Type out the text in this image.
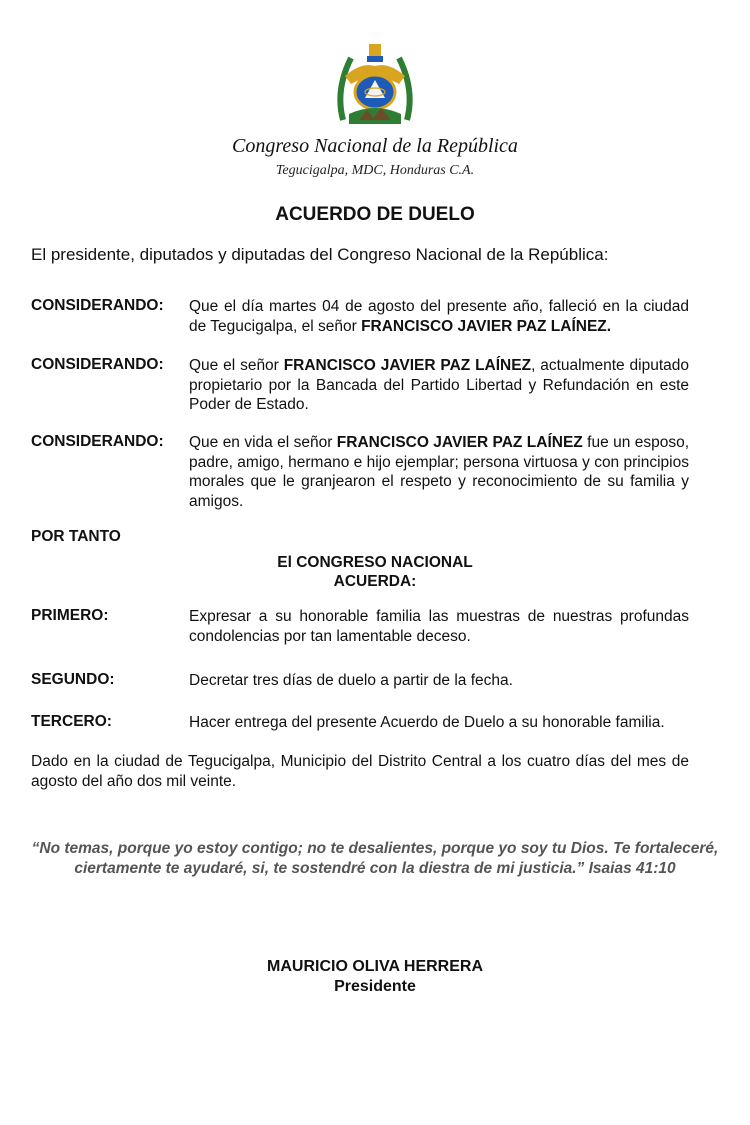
Congreso Nacional de la República
Tegucigalpa, MDC, Honduras C.A.
ACUERDO DE DUELO
El presidente, diputados y diputadas del Congreso Nacional de la República:
CONSIDERANDO: Que el día martes 04 de agosto del presente año, falleció en la ciudad de Tegucigalpa, el señor FRANCISCO JAVIER PAZ LAÍNEZ.
CONSIDERANDO: Que el señor FRANCISCO JAVIER PAZ LAÍNEZ, actualmente diputado propietario por la Bancada del Partido Libertad y Refundación en este Poder de Estado.
CONSIDERANDO: Que en vida el señor FRANCISCO JAVIER PAZ LAÍNEZ fue un esposo, padre, amigo, hermano e hijo ejemplar; persona virtuosa y con principios morales que le granjearon el respeto y reconocimiento de su familia y amigos.
POR TANTO
El CONGRESO NACIONAL
ACUERDA:
PRIMERO:	Expresar a su honorable familia las muestras de nuestras profundas condolencias por tan lamentable deceso.
SEGUNDO:	Decretar tres días de duelo a partir de la fecha.
TERCERO:	Hacer entrega del presente Acuerdo de Duelo a su honorable familia.
Dado en la ciudad de Tegucigalpa, Municipio del Distrito Central a los cuatro días del mes de agosto del año dos mil veinte.
“No temas, porque yo estoy contigo; no te desalientes, porque yo soy tu Dios. Te fortaleceré,
ciertamente te ayudaré, si, te sostendré con la diestra de mi justicia.” Isaias 41:10
MAURICIO OLIVA HERRERA
Presidente
